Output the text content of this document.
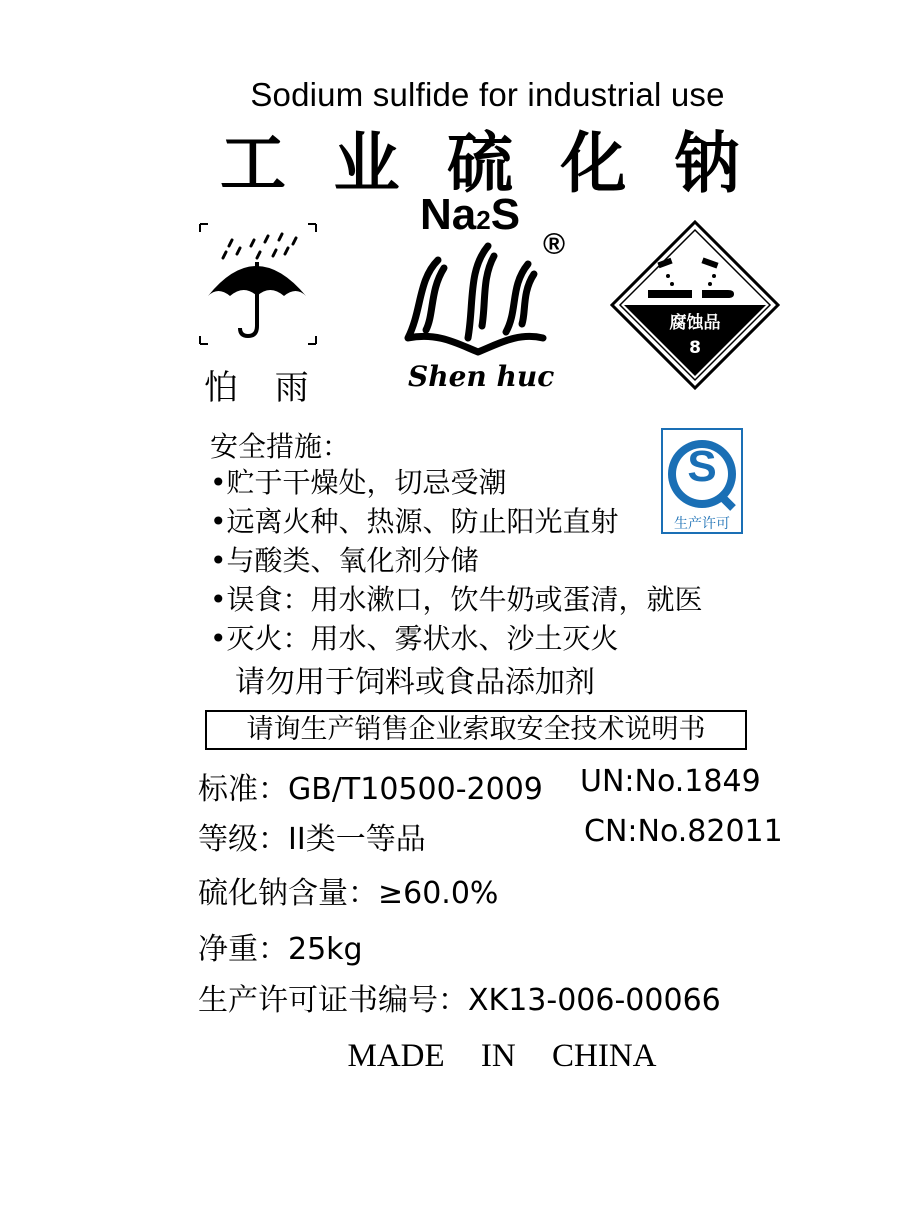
Sodium sulfide for industrial use
工 业 硫 化 钠
怕 雨
Na2S
®
Shen huc
腐蚀品
8
S
生产许可
安全措施：
•贮于干燥处，切忌受潮
•远离火种、热源、防止阳光直射
•与酸类、氧化剂分储
•误食：用水漱口，饮牛奶或蛋清，就医
•灭火：用水、雾状水、沙土灭火
请勿用于饲料或食品添加剂
请询生产销售企业索取安全技术说明书
标准：GB/T10500-2009 UN:No.1849
等级：II类一等品	CN:No.82011
硫化钠含量：≥60.0%
净重：25kg
生产许可证书编号：XK13-006-00066
MADE IN CHINA
